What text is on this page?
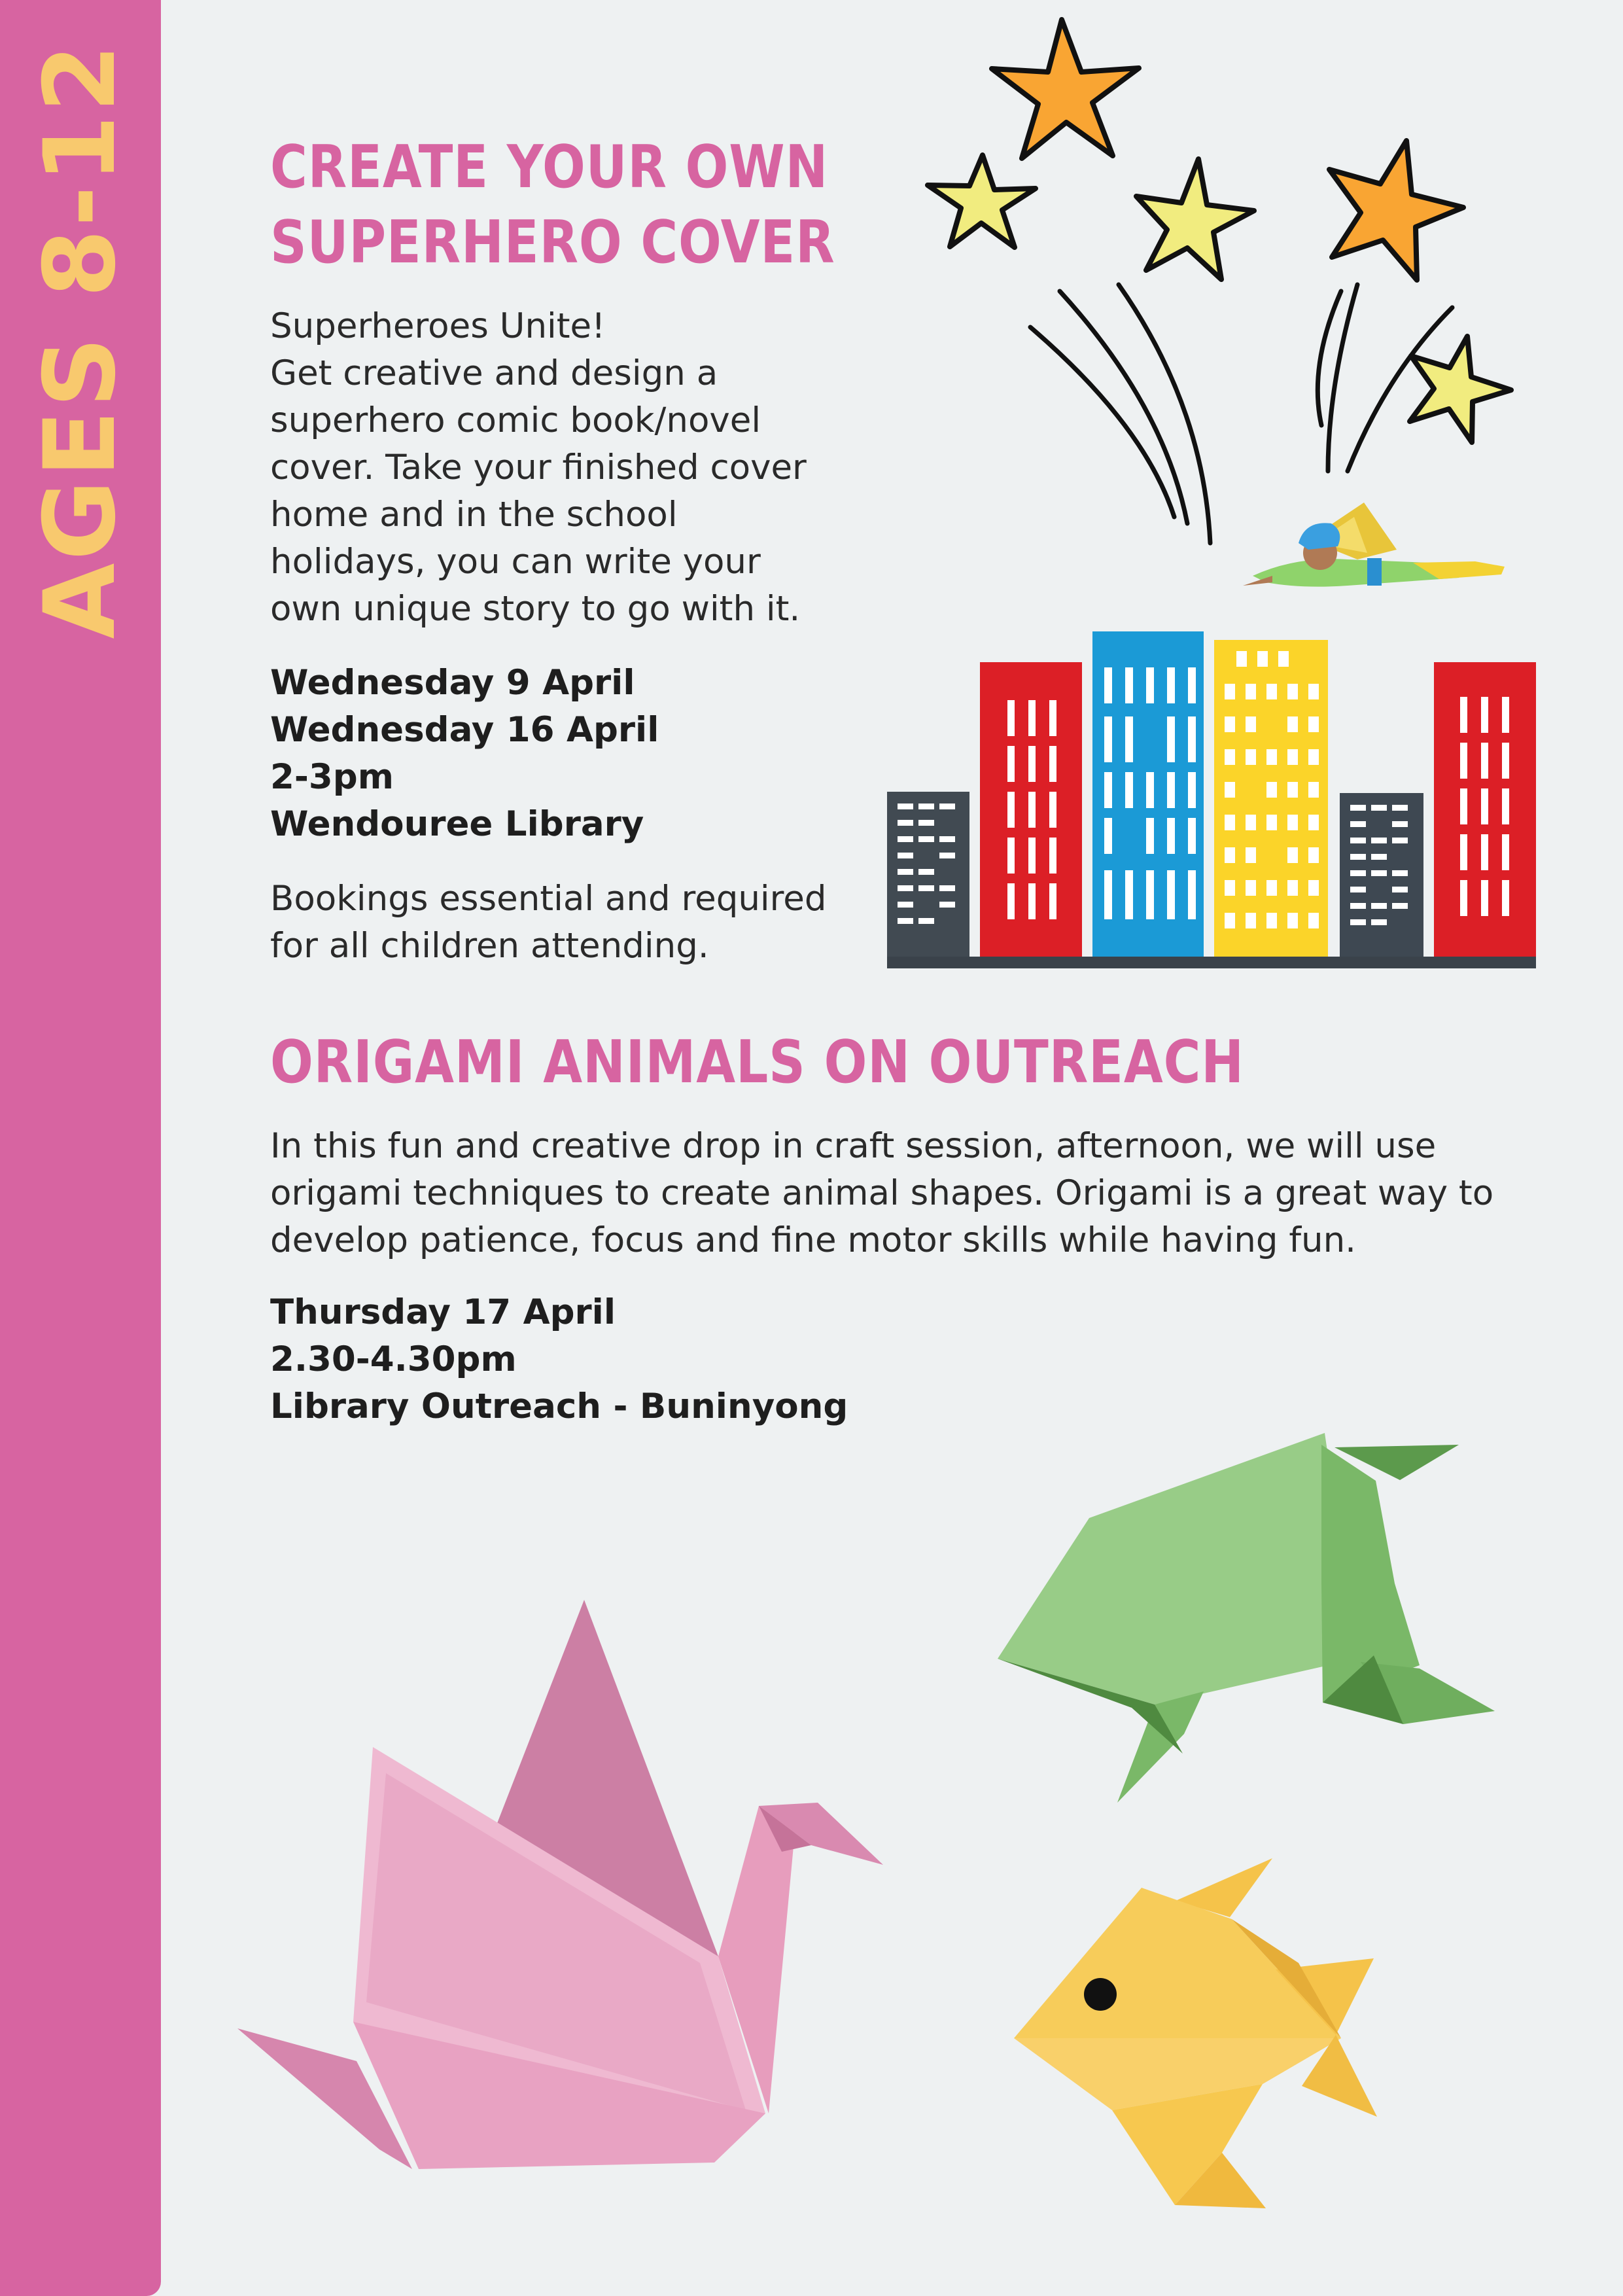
AGES 8-12 CREATE YOUR OWN
SUPERHERO COVER
Superheroes Unite!
Get creative and design a
superhero comic book/novel
cover. Take your finished cover
home and in the school
holidays, you can write your
own unique story to go with it.
Wednesday 9 April
Wednesday 16 April
2-3pm
Wendouree Library
Bookings essential and required
for all children attending.
ORIGAMI ANIMALS ON OUTREACH
In this fun and creative drop in craft session, afternoon, we will use
origami techniques to create animal shapes. Origami is a great way to
develop patience, focus and fine motor skills while having fun.
Thursday 17 April
2.30-4.30pm
Library Outreach - Buninyong
